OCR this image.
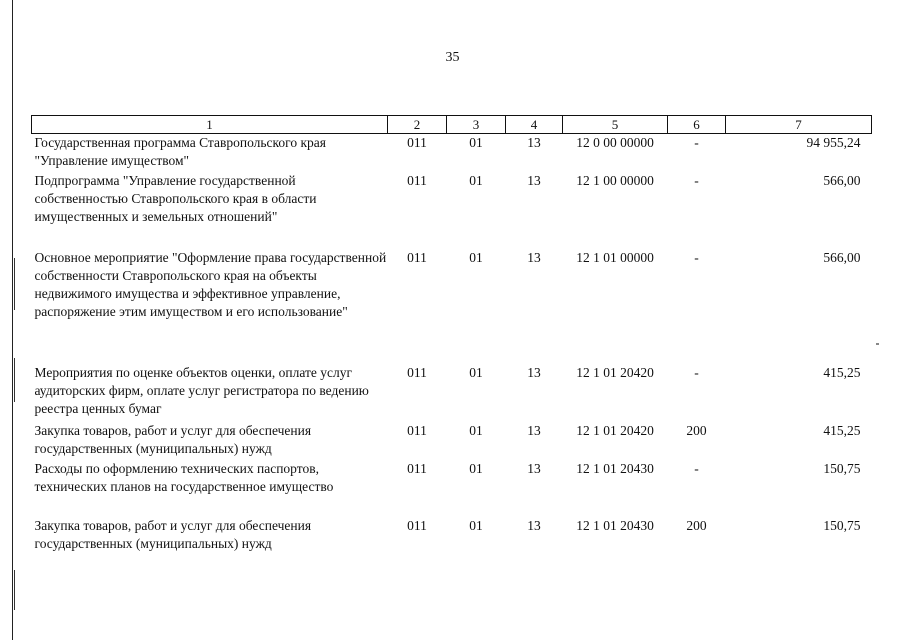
35
1	2	3	4	5	6	7
Государственная программа Ставропольского края "Управление имуществом"	011	01	13	12 0 00 00000	-	94 955,24
Подпрограмма "Управление государственной собственностью Ставропольского края в области имущественных и земельных отношений"	011	01	13	12 1 00 00000	-	566,00
Основное мероприятие "Оформление права государственной собственности Ставропольского края на объекты недвижимого имущества и эффективное управление, распоряжение этим имуществом и его использование"	011	01	13	12 1 01 00000	-	566,00
Мероприятия по оценке объектов оценки, оплате услуг аудиторских фирм, оплате услуг регистратора по ведению реестра ценных бумаг	011	01	13	12 1 01 20420	-	415,25
Закупка товаров, работ и услуг для обеспечения государственных (муниципальных) нужд	011	01	13	12 1 01 20420	200	415,25
Расходы по оформлению технических паспортов, технических планов на государственное имущество	011	01	13	12 1 01 20430	-	150,75
Закупка товаров, работ и услуг для обеспечения государственных (муниципальных) нужд	011	01	13	12 1 01 20430	200	150,75
